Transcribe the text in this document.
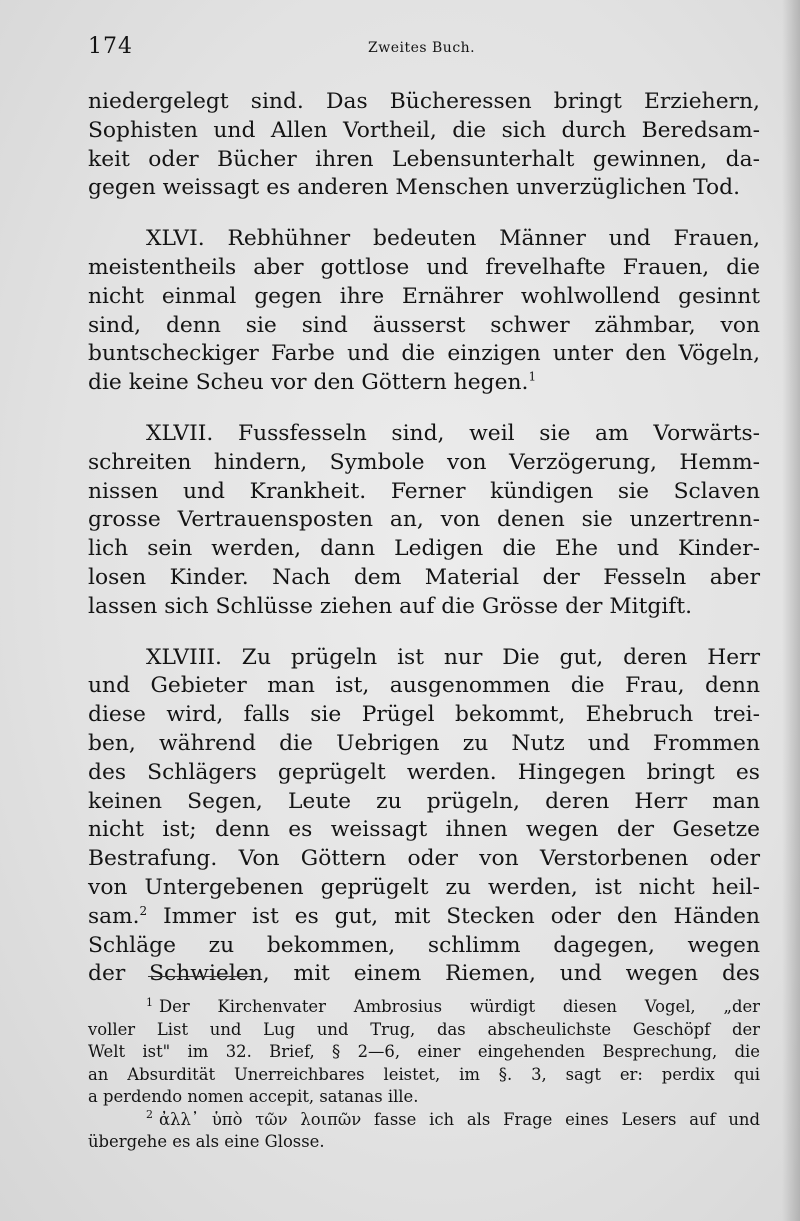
174	Zweites Buch.

niedergelegt sind. Das Bücheressen bringt Erziehern,
Sophisten und Allen Vortheil, die sich durch Beredsam-
keit oder Bücher ihren Lebensunterhalt gewinnen, da-
gegen weissagt es anderen Menschen unverzüglichen Tod.

XLVI. Rebhühner bedeuten Männer und Frauen,
meistentheils aber gottlose und frevelhafte Frauen, die
nicht einmal gegen ihre Ernährer wohlwollend gesinnt
sind, denn sie sind äusserst schwer zähmbar, von
buntscheckiger Farbe und die einzigen unter den Vögeln,
die keine Scheu vor den Göttern hegen.$^1$

XLVII. Fussfesseln sind, weil sie am Vorwärts-
schreiten hindern, Symbole von Verzögerung, Hemm-
nissen und Krankheit. Ferner kündigen sie Sclaven
grosse Vertrauensposten an, von denen sie unzertrenn-
lich sein werden, dann Ledigen die Ehe und Kinder-
losen Kinder. Nach dem Material der Fesseln aber
lassen sich Schlüsse ziehen auf die Grösse der Mitgift.

XLVIII. Zu prügeln ist nur Die gut, deren Herr
und Gebieter man ist, ausgenommen die Frau, denn
diese wird, falls sie Prügel bekommt, Ehebruch trei-
ben, während die Uebrigen zu Nutz und Frommen
des Schlägers geprügelt werden. Hingegen bringt es
keinen Segen, Leute zu prügeln, deren Herr man
nicht ist; denn es weissagt ihnen wegen der Gesetze
Bestrafung. Von Göttern oder von Verstorbenen oder
von Untergebenen geprügelt zu werden, ist nicht heil-
sam.$^2$ Immer ist es gut, mit Stecken oder den Händen
Schläge zu bekommen, schlimm dagegen, wegen
der Schwielen, mit einem Riemen, und wegen des

$^1$ Der Kirchenvater Ambrosius würdigt diesen Vogel, „der
voller List und Lug und Trug, das abscheulichste Geschöpf der
Welt ist" im 32. Brief, § 2—6, einer eingehenden Besprechung, die
an Absurdität Unerreichbares leistet, im §. 3, sagt er: perdix qui
a perdendo nomen accepit, satanas ille.

$^2$ ἀλλ᾽ ὑπὸ τῶν λοιπῶν fasse ich als Frage eines Lesers auf und
übergehe es als eine Glosse.
